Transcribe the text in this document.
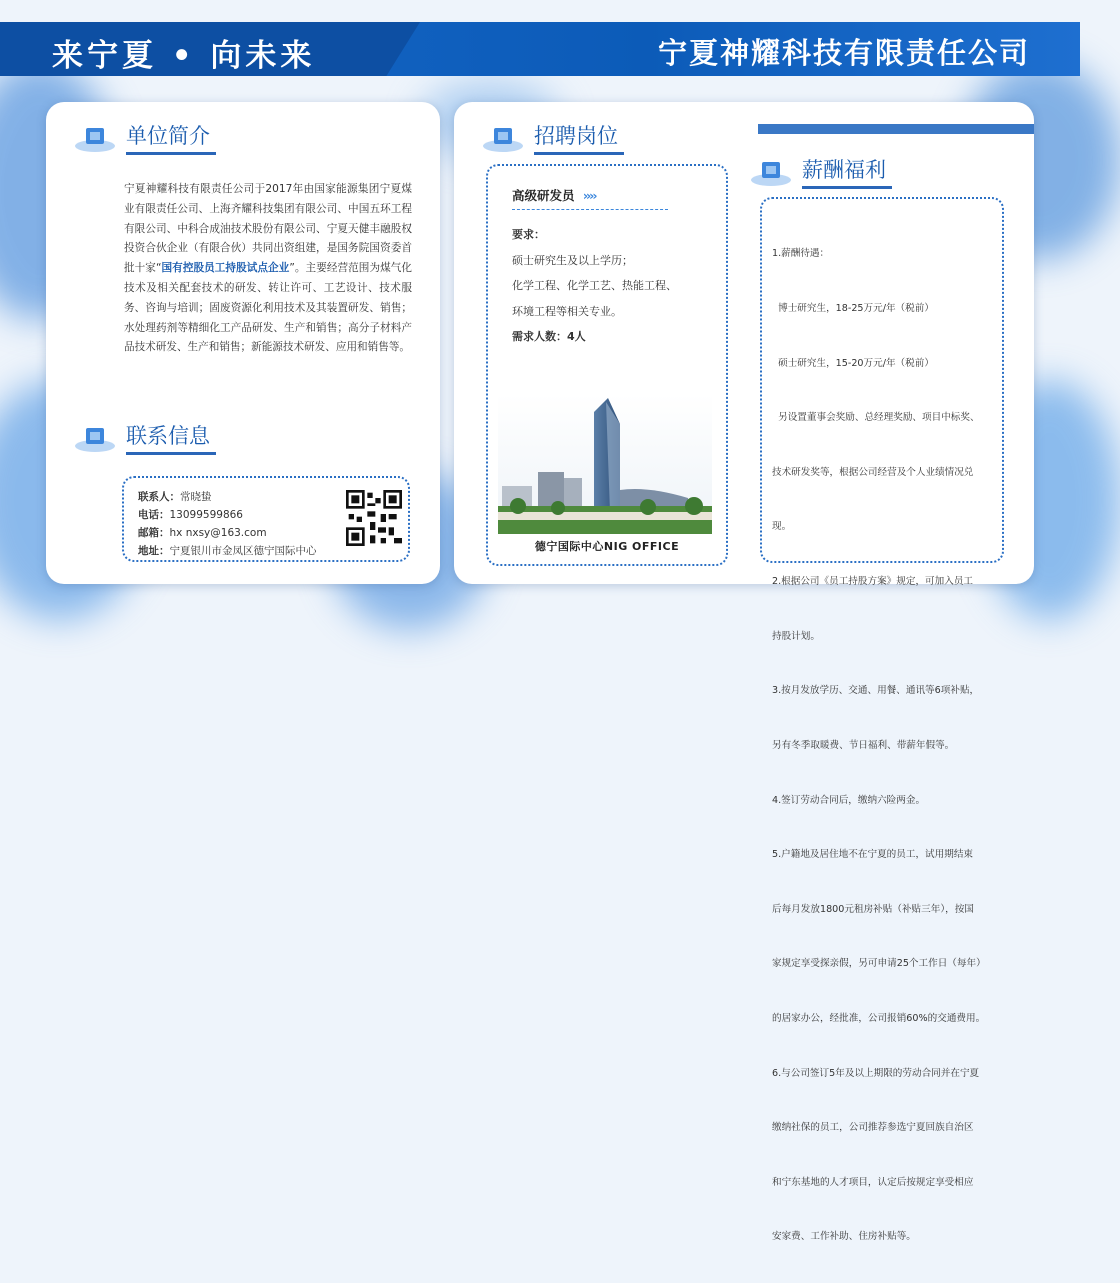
来宁夏 • 向未来	宁夏神耀科技有限责任公司
单位简介
宁夏神耀科技有限责任公司于2017年由国家能源集团宁夏煤业有限责任公司、上海齐耀科技集团有限公司、中国五环工程有限公司、中科合成油技术股份有限公司、宁夏天健丰融股权投资合伙企业（有限合伙）共同出资组建，是国务院国资委首批十家“国有控股员工持股试点企业”。主要经营范围为煤气化技术及相关配套技术的研发、转让许可、工艺设计、技术服务、咨询与培训；固废资源化利用技术及其装置研发、销售；水处理药剂等精细化工产品研发、生产和销售；高分子材料产品技术研发、生产和销售；新能源技术研发、应用和销售等。
联系信息
联系人：常晓蛰
电话：13099599866
邮箱：hx nxsy@163.com
地址：宁夏银川市金凤区德宁国际中心
招聘岗位
高级研发员 ››››
要求：
硕士研究生及以上学历；
化学工程、化学工艺、热能工程、
环境工程等相关专业。
需求人数：4人
德宁国际中心NIG OFFICE
薪酬福利

1.薪酬待遇：

博士研究生，18-25万元/年（税前）

硕士研究生，15-20万元/年（税前）

另设置董事会奖励、总经理奖励、项目中标奖、

技术研发奖等，根据公司经营及个人业绩情况兑

现。

2.根据公司《员工持股方案》规定，可加入员工

持股计划。

3.按月发放学历、交通、用餐、通讯等6项补贴，

另有冬季取暖费、节日福利、带薪年假等。

4.签订劳动合同后，缴纳六险两金。

5.户籍地及居住地不在宁夏的员工，试用期结束

后每月发放1800元租房补贴（补贴三年），按国

家规定享受探亲假，另可申请25个工作日（每年）

的居家办公，经批准，公司报销60%的交通费用。

6.与公司签订5年及以上期限的劳动合同并在宁夏

缴纳社保的员工，公司推荐参选宁夏回族自治区

和宁东基地的人才项目，认定后按规定享受相应

安家费、工作补助、住房补贴等。
